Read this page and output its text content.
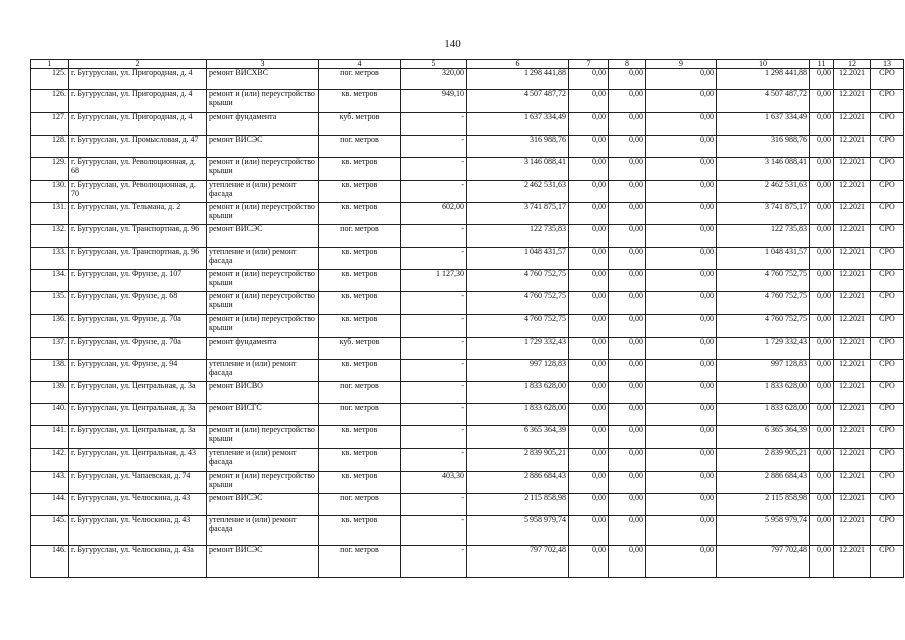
140
1	2	3	4	5	6	7	8	9	10	11	12	13
125.	г. Бугуруслан, ул. Пригородная, д. 4	ремонт ВИСХВС	пог. метров	320,00	1 298 441,88	0,00	0,00	0,00	1 298 441,88	0,00	12.2021	СРО
126.	г. Бугуруслан, ул. Пригородная, д. 4	ремонт и (или) переустройство крыши	кв. метров	949,10	4 507 487,72	0,00	0,00	0,00	4 507 487,72	0,00	12.2021	СРО
127.	г. Бугуруслан, ул. Пригородная, д. 4	ремонт фундамента	куб. метров	-	1 637 334,49	0,00	0,00	0,00	1 637 334,49	0,00	12.2021	СРО
128.	г. Бугуруслан, ул. Промысловая, д. 47	ремонт ВИСЭС	пог. метров	-	316 988,76	0,00	0,00	0,00	316 988,76	0,00	12.2021	СРО
129.	г. Бугуруслан, ул. Революционная, д. 68	ремонт и (или) переустройство крыши	кв. метров	-	3 146 088,41	0,00	0,00	0,00	3 146 088,41	0,00	12.2021	СРО
130.	г. Бугуруслан, ул. Революционная, д. 70	утепление и (или) ремонт фасада	кв. метров	-	2 462 531,63	0,00	0,00	0,00	2 462 531,63	0,00	12.2021	СРО
131.	г. Бугуруслан, ул. Тельмана, д. 2	ремонт и (или) переустройство крыши	кв. метров	602,00	3 741 875,17	0,00	0,00	0,00	3 741 875,17	0,00	12.2021	СРО
132.	г. Бугуруслан, ул. Транспортная, д. 96	ремонт ВИСЭС	пог. метров	-	122 735,83	0,00	0,00	0,00	122 735,83	0,00	12.2021	СРО
133.	г. Бугуруслан, ул. Транспортная, д. 96	утепление и (или) ремонт фасада	кв. метров	-	1 048 431,57	0,00	0,00	0,00	1 048 431,57	0,00	12.2021	СРО
134.	г. Бугуруслан, ул. Фрунзе, д. 107	ремонт и (или) переустройство крыши	кв. метров	1 127,30	4 760 752,75	0,00	0,00	0,00	4 760 752,75	0,00	12.2021	СРО
135.	г. Бугуруслан, ул. Фрунзе, д. 68	ремонт и (или) переустройство крыши	кв. метров	-	4 760 752,75	0,00	0,00	0,00	4 760 752,75	0,00	12.2021	СРО
136.	г. Бугуруслан, ул. Фрунзе, д. 70а	ремонт и (или) переустройство крыши	кв. метров	-	4 760 752,75	0,00	0,00	0,00	4 760 752,75	0,00	12.2021	СРО
137.	г. Бугуруслан, ул. Фрунзе, д. 70а	ремонт фундамента	куб. метров	-	1 729 332,43	0,00	0,00	0,00	1 729 332,43	0,00	12.2021	СРО
138.	г. Бугуруслан, ул. Фрунзе, д. 94	утепление и (или) ремонт фасада	кв. метров	-	997 128,83	0,00	0,00	0,00	997 128,83	0,00	12.2021	СРО
139.	г. Бугуруслан, ул. Центральная, д. 3а	ремонт ВИСВО	пог. метров	-	1 833 628,00	0,00	0,00	0,00	1 833 628,00	0,00	12.2021	СРО
140.	г. Бугуруслан, ул. Центральная, д. 3а	ремонт ВИСГС	пог. метров	-	1 833 628,00	0,00	0,00	0,00	1 833 628,00	0,00	12.2021	СРО
141.	г. Бугуруслан, ул. Центральная, д. 3а	ремонт и (или) переустройство крыши	кв. метров	-	6 365 364,39	0,00	0,00	0,00	6 365 364,39	0,00	12.2021	СРО
142.	г. Бугуруслан, ул. Центральная, д. 43	утепление и (или) ремонт фасада	кв. метров	-	2 839 905,21	0,00	0,00	0,00	2 839 905,21	0,00	12.2021	СРО
143.	г. Бугуруслан, ул. Чапаевская, д. 74	ремонт и (или) переустройство крыши	кв. метров	403,30	2 886 684,43	0,00	0,00	0,00	2 886 684,43	0,00	12.2021	СРО
144.	г. Бугуруслан, ул. Челюскина, д. 43	ремонт ВИСЭС	пог. метров	-	2 115 858,98	0,00	0,00	0,00	2 115 858,98	0,00	12.2021	СРО
145.	г. Бугуруслан, ул. Челюскина, д. 43	утепление и (или) ремонт фасада	кв. метров	-	5 958 979,74	0,00	0,00	0,00	5 958 979,74	0,00	12.2021	СРО
146.	г. Бугуруслан, ул. Челюскина, д. 43а	ремонт ВИСЭС	пог. метров	-	797 702,48	0,00	0,00	0,00	797 702,48	0,00	12.2021	СРО
